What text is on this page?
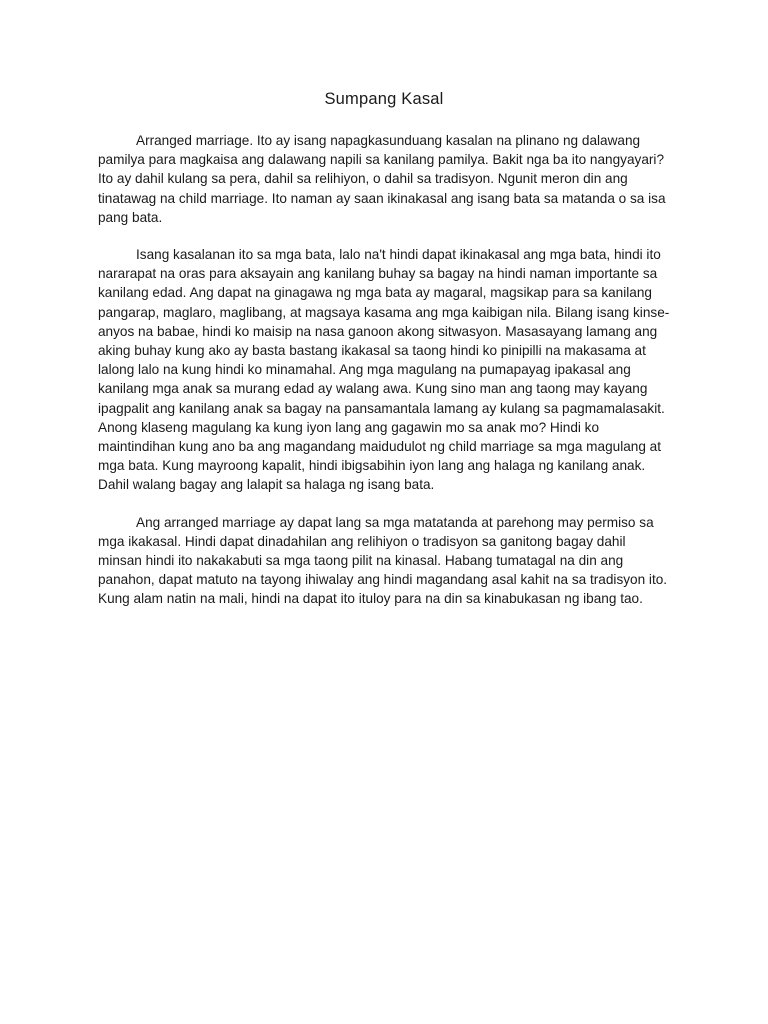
Sumpang Kasal

Arranged marriage. Ito ay isang napagkasunduang kasalan na plinano ng dalawang pamilya para magkaisa ang dalawang napili sa kanilang pamilya. Bakit nga ba ito nangyayari? Ito ay dahil kulang sa pera, dahil sa relihiyon, o dahil sa tradisyon. Ngunit meron din ang tinatawag na child marriage. Ito naman ay saan ikinakasal ang isang bata sa matanda o sa isa pang bata.

Isang kasalanan ito sa mga bata, lalo na't hindi dapat ikinakasal ang mga bata, hindi ito nararapat na oras para aksayain ang kanilang buhay sa bagay na hindi naman importante sa kanilang edad. Ang dapat na ginagawa ng mga bata ay magaral, magsikap para sa kanilang pangarap, maglaro, maglibang, at magsaya kasama ang mga kaibigan nila. Bilang isang kinse-anyos na babae, hindi ko maisip na nasa ganoon akong sitwasyon. Masasayang lamang ang aking buhay kung ako ay basta bastang ikakasal sa taong hindi ko pinipilli na makasama at lalong lalo na kung hindi ko minamahal. Ang mga magulang na pumapayag ipakasal ang kanilang mga anak sa murang edad ay walang awa. Kung sino man ang taong may kayang ipagpalit ang kanilang anak sa bagay na pansamantala lamang ay kulang sa pagmamalasakit. Anong klaseng magulang ka kung iyon lang ang gagawin mo sa anak mo? Hindi ko maintindihan kung ano ba ang magandang maidudulot ng child marriage sa mga magulang at mga bata. Kung mayroong kapalit, hindi ibigsabihin iyon lang ang halaga ng kanilang anak. Dahil walang bagay ang lalapit sa halaga ng isang bata.

Ang arranged marriage ay dapat lang sa mga matatanda at parehong may permiso sa mga ikakasal. Hindi dapat dinadahilan ang relihiyon o tradisyon sa ganitong bagay dahil minsan hindi ito nakakabuti sa mga taong pilit na kinasal. Habang tumatagal na din ang panahon, dapat matuto na tayong ihiwalay ang hindi magandang asal kahit na sa tradisyon ito. Kung alam natin na mali, hindi na dapat ito ituloy para na din sa kinabukasan ng ibang tao.
